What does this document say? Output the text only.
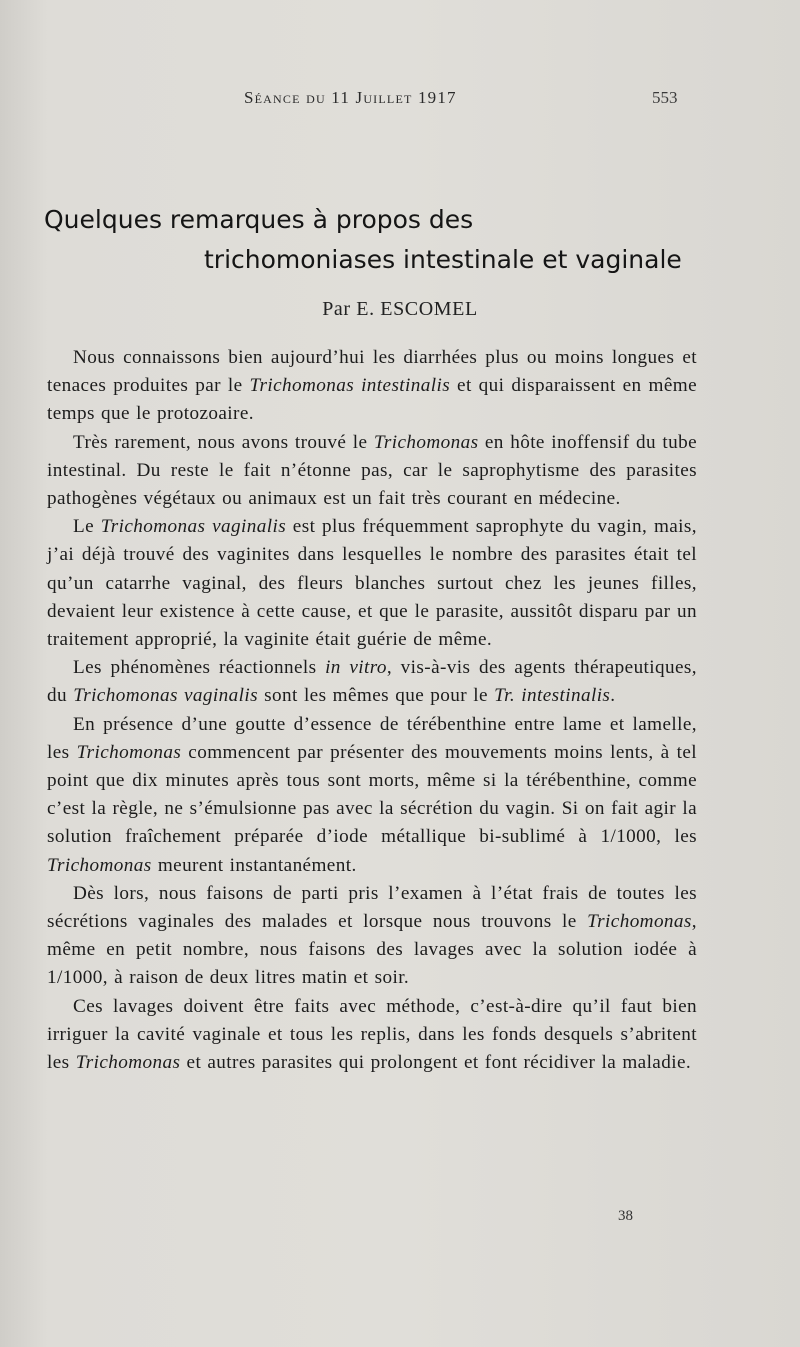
Séance du 11 Juillet 1917	553
Quelques remarques à propos des
trichomoniases intestinale et vaginale
Par E. ESCOMEL

Nous connaissons bien aujourd’hui les diarrhées plus ou moins longues et tenaces produites par le Trichomonas intestinalis et qui disparaissent en même temps que le protozoaire.

Très rarement, nous avons trouvé le Trichomonas en hôte inoffensif du tube intestinal. Du reste le fait n’étonne pas, car le saprophytisme des parasites pathogènes végétaux ou animaux est un fait très courant en médecine.

Le Trichomonas vaginalis est plus fréquemment saprophyte du vagin, mais, j’ai déjà trouvé des vaginites dans lesquelles le nombre des parasites était tel qu’un catarrhe vaginal, des fleurs blanches surtout chez les jeunes filles, devaient leur existence à cette cause, et que le parasite, aussitôt disparu par un traitement approprié, la vaginite était guérie de même.

Les phénomènes réactionnels in vitro, vis-à-vis des agents thérapeutiques, du Trichomonas vaginalis sont les mêmes que pour le Tr. intestinalis.

En présence d’une goutte d’essence de térébenthine entre lame et lamelle, les Trichomonas commencent par présenter des mouvements moins lents, à tel point que dix minutes après tous sont morts, même si la térébenthine, comme c’est la règle, ne s’émulsionne pas avec la sécrétion du vagin. Si on fait agir la solution fraîchement préparée d’iode métallique bi-sublimé à 1/1000, les Trichomonas meurent instantanément.

Dès lors, nous faisons de parti pris l’examen à l’état frais de toutes les sécrétions vaginales des malades et lorsque nous trouvons le Trichomonas, même en petit nombre, nous faisons des lavages avec la solution iodée à 1/1000, à raison de deux litres matin et soir.

Ces lavages doivent être faits avec méthode, c’est-à-dire qu’il faut bien irriguer la cavité vaginale et tous les replis, dans les fonds desquels s’abritent les Trichomonas et autres parasites qui prolongent et font récidiver la maladie.

38
